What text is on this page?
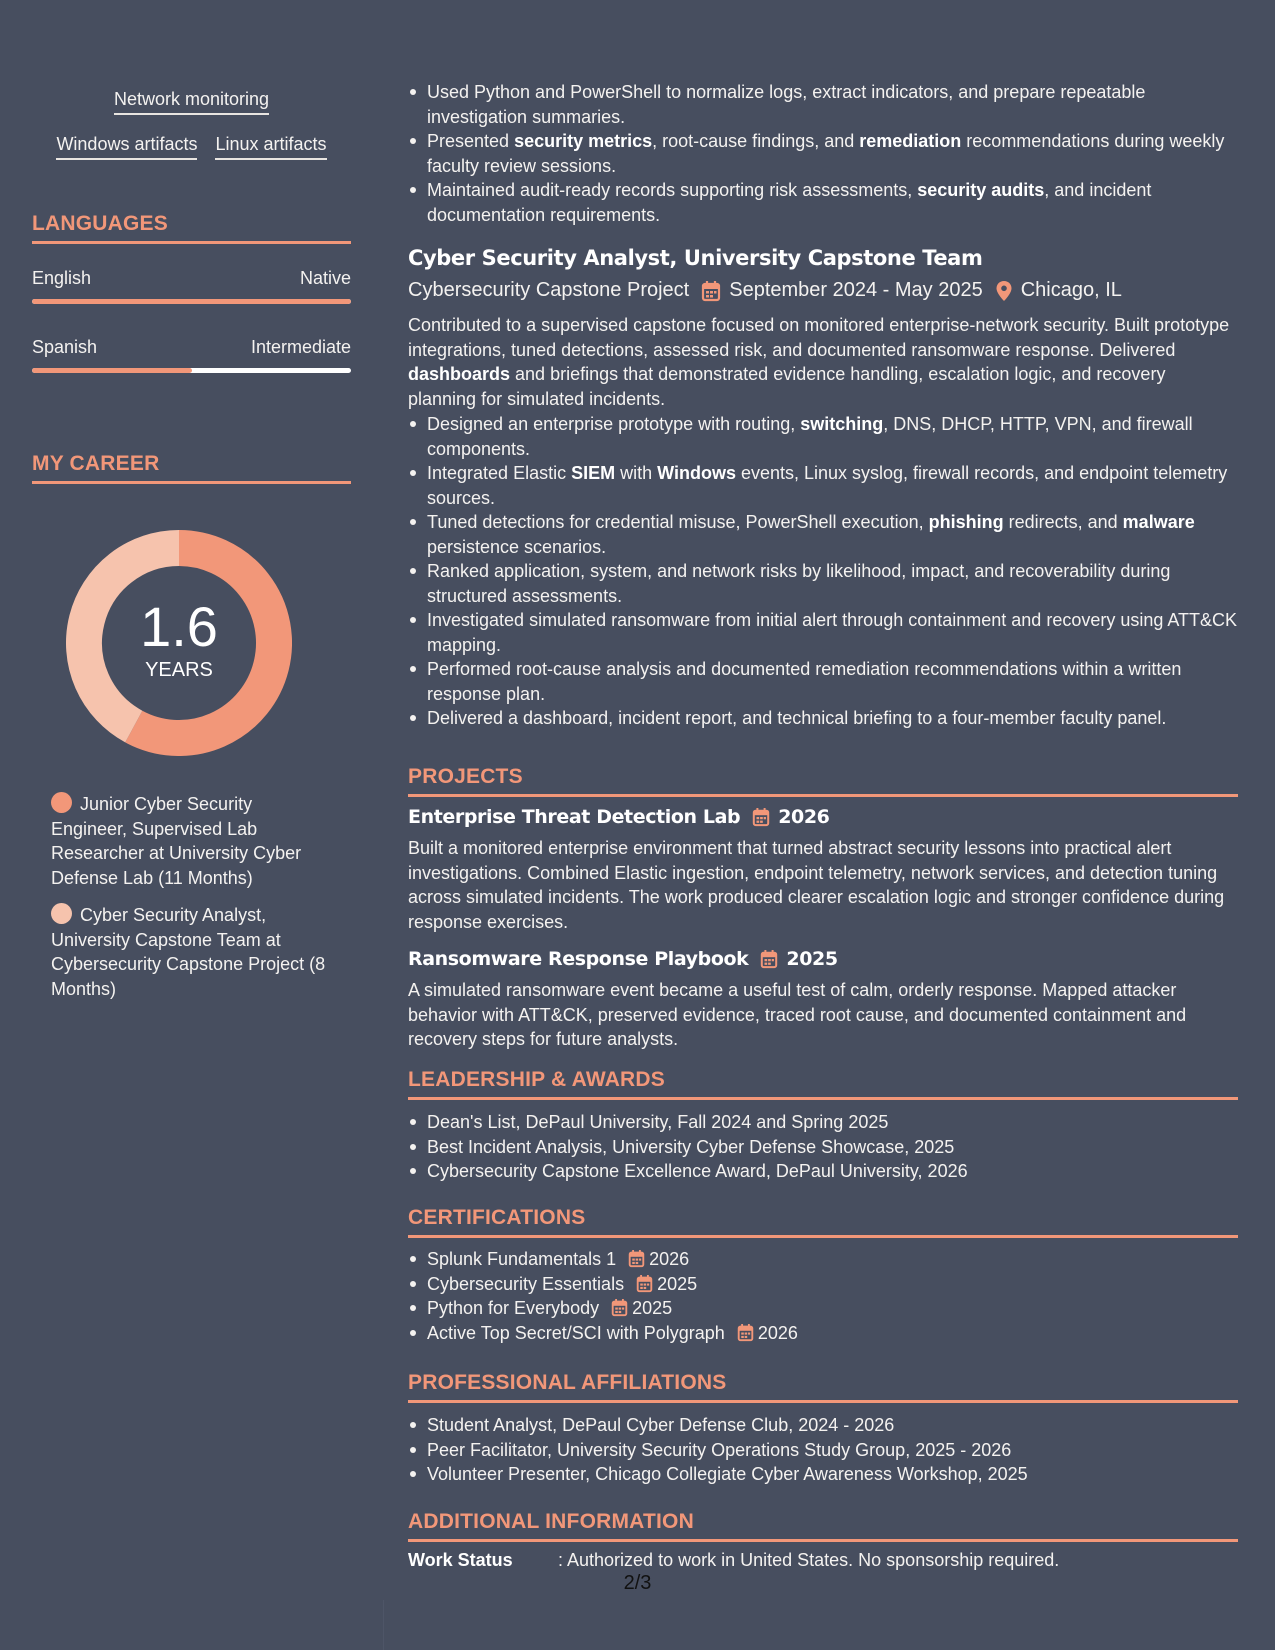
Network monitoring
Windows artifacts Linux artifacts
LANGUAGES
English	Native
Spanish	Intermediate
MY CAREER
1.6
YEARS
Junior Cyber Security Engineer, Supervised Lab Researcher at University Cyber Defense Lab (11 Months)
Cyber Security Analyst, University Capstone Team at Cybersecurity Capstone Project (8 Months)
Used Python and PowerShell to normalize logs, extract indicators, and prepare repeatable investigation summaries.
Presented security metrics, root-cause findings, and remediation recommendations during weekly faculty review sessions.
Maintained audit-ready records supporting risk assessments, security audits, and incident documentation requirements.
Cyber Security Analyst, University Capstone Team
Cybersecurity Capstone Project September 2024 - May 2025 Chicago, IL
Contributed to a supervised capstone focused on monitored enterprise-network security. Built prototype integrations, tuned detections, assessed risk, and documented ransomware response. Delivered dashboards and briefings that demonstrated evidence handling, escalation logic, and recovery planning for simulated incidents.
Designed an enterprise prototype with routing, switching, DNS, DHCP, HTTP, VPN, and firewall components.
Integrated Elastic SIEM with Windows events, Linux syslog, firewall records, and endpoint telemetry sources.
Tuned detections for credential misuse, PowerShell execution, phishing redirects, and malware persistence scenarios.
Ranked application, system, and network risks by likelihood, impact, and recoverability during structured assessments.
Investigated simulated ransomware from initial alert through containment and recovery using ATT&CK mapping.
Performed root-cause analysis and documented remediation recommendations within a written response plan.
Delivered a dashboard, incident report, and technical briefing to a four-member faculty panel.
PROJECTS
Enterprise Threat Detection Lab 2026
Built a monitored enterprise environment that turned abstract security lessons into practical alert investigations. Combined Elastic ingestion, endpoint telemetry, network services, and detection tuning across simulated incidents. The work produced clearer escalation logic and stronger confidence during response exercises.
Ransomware Response Playbook 2025
A simulated ransomware event became a useful test of calm, orderly response. Mapped attacker behavior with ATT&CK, preserved evidence, traced root cause, and documented containment and recovery steps for future analysts.
LEADERSHIP & AWARDS
Dean's List, DePaul University, Fall 2024 and Spring 2025
Best Incident Analysis, University Cyber Defense Showcase, 2025
Cybersecurity Capstone Excellence Award, DePaul University, 2026
CERTIFICATIONS
Splunk Fundamentals 1 2026
Cybersecurity Essentials 2025
Python for Everybody 2025
Active Top Secret/SCI with Polygraph 2026
PROFESSIONAL AFFILIATIONS
Student Analyst, DePaul Cyber Defense Club, 2024 - 2026
Peer Facilitator, University Security Operations Study Group, 2025 - 2026
Volunteer Presenter, Chicago Collegiate Cyber Awareness Workshop, 2025
ADDITIONAL INFORMATION
Work Status	: Authorized to work in United States. No sponsorship required.
2/3
